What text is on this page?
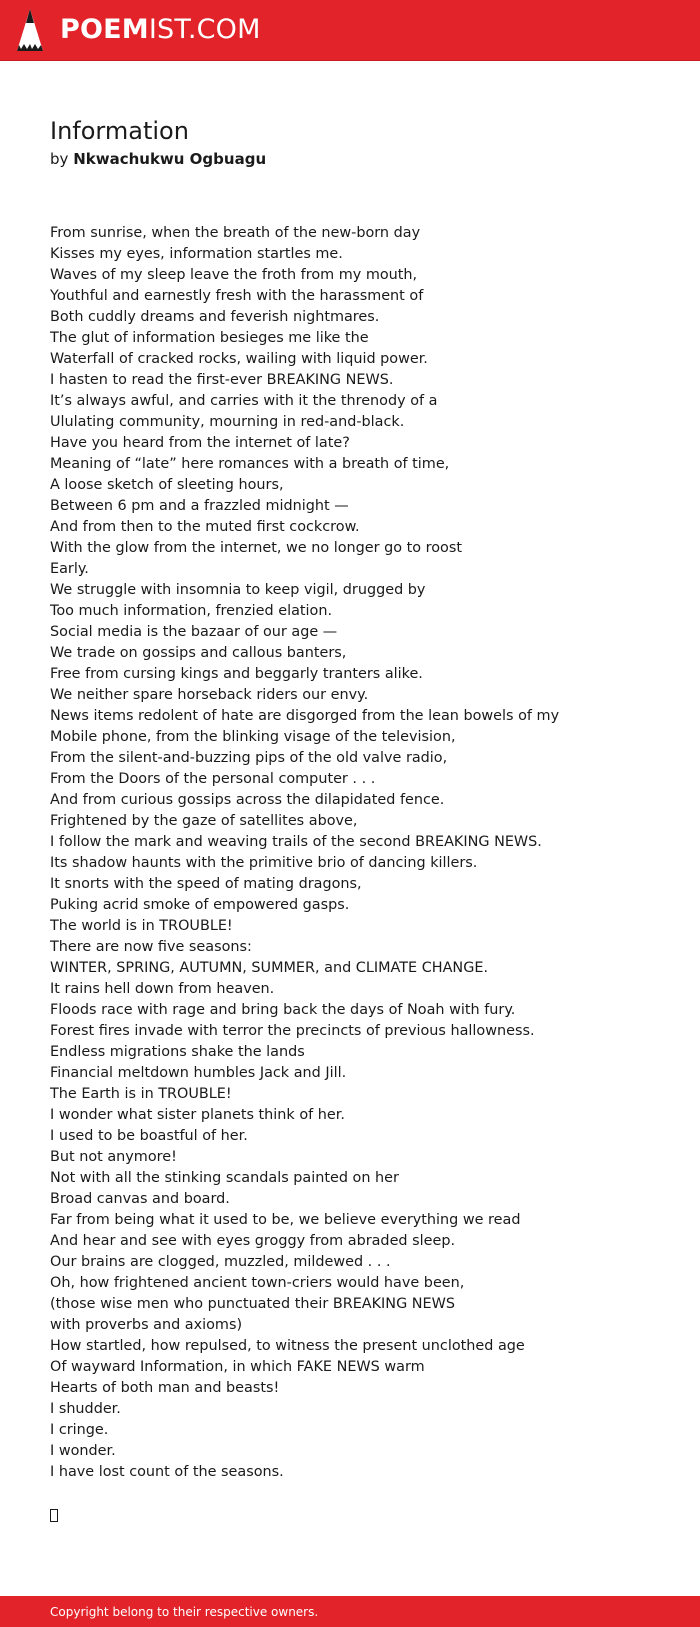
POEMIST.COM
Information
by Nkwachukwu Ogbuagu
From sunrise, when the breath of the new-born day
Kisses my eyes, information startles me.
Waves of my sleep leave the froth from my mouth,
Youthful and earnestly fresh with the harassment of
Both cuddly dreams and feverish nightmares.
The glut of information besieges me like the
Waterfall of cracked rocks, wailing with liquid power.
I hasten to read the first-ever BREAKING NEWS.
It’s always awful, and carries with it the threnody of a
Ululating community, mourning in red-and-black.
Have you heard from the internet of late?
Meaning of “late” here romances with a breath of time,
A loose sketch of sleeting hours,
Between 6 pm and a frazzled midnight —
And from then to the muted first cockcrow.
With the glow from the internet, we no longer go to roost
Early.
We struggle with insomnia to keep vigil, drugged by
Too much information, frenzied elation.
Social media is the bazaar of our age —
We trade on gossips and callous banters,
Free from cursing kings and beggarly tranters alike.
We neither spare horseback riders our envy.
News items redolent of hate are disgorged from the lean bowels of my
Mobile phone, from the blinking visage of the television,
From the silent-and-buzzing pips of the old valve radio,
From the Doors of the personal computer . . .
And from curious gossips across the dilapidated fence.
Frightened by the gaze of satellites above,
I follow the mark and weaving trails of the second BREAKING NEWS.
Its shadow haunts with the primitive brio of dancing killers.
It snorts with the speed of mating dragons,
Puking acrid smoke of empowered gasps.
The world is in TROUBLE!
There are now five seasons:
WINTER, SPRING, AUTUMN, SUMMER, and CLIMATE CHANGE.
It rains hell down from heaven.
Floods race with rage and bring back the days of Noah with fury.
Forest fires invade with terror the precincts of previous hallowness.
Endless migrations shake the lands
Financial meltdown humbles Jack and Jill.
The Earth is in TROUBLE!
I wonder what sister planets think of her.
I used to be boastful of her.
But not anymore!
Not with all the stinking scandals painted on her
Broad canvas and board.
Far from being what it used to be, we believe everything we read
And hear and see with eyes groggy from abraded sleep.
Our brains are clogged, muzzled, mildewed . . .
Oh, how frightened ancient town-criers would have been,
(those wise men who punctuated their BREAKING NEWS
with proverbs and axioms)
How startled, how repulsed, to witness the present unclothed age
Of wayward Information, in which FAKE NEWS warm
Hearts of both man and beasts!
I shudder.
I cringe.
I wonder.
I have lost count of the seasons.
Copyright belong to their respective owners.
